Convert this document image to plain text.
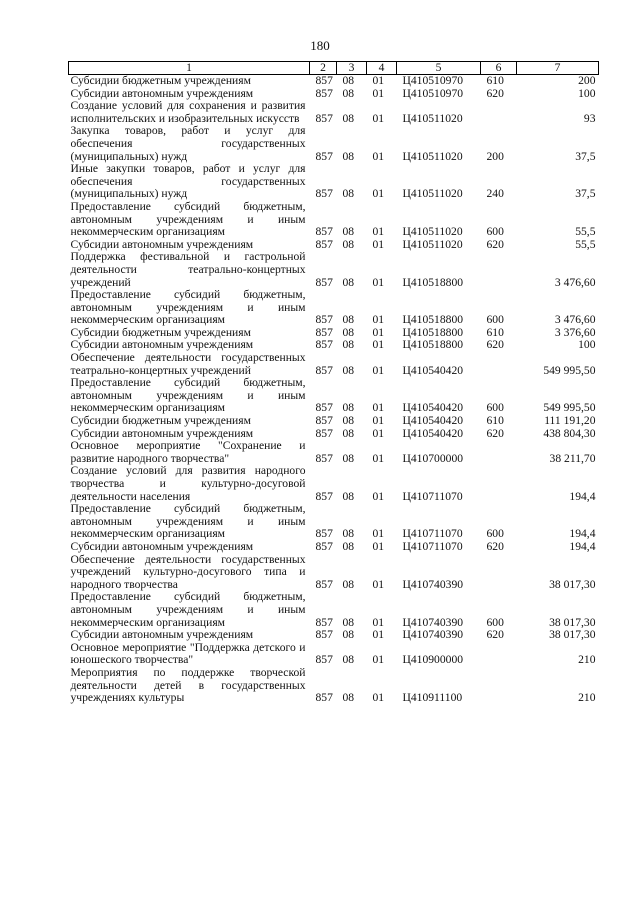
180
1	2	3	4	5	6	7
Субсидии бюджетным учреждениям	857	08	01	Ц410510970	610	200
Субсидии автономным учреждениям	857	08	01	Ц410510970	620	100
Создание условий для сохранения и развития исполнительских и изобразительных искусств	857	08	01	Ц410511020		93
Закупка товаров, работ и услуг для обеспечения государственных (муниципальных) нужд	857	08	01	Ц410511020	200	37,5
Иные закупки товаров, работ и услуг для обеспечения государственных (муниципальных) нужд	857	08	01	Ц410511020	240	37,5
Предоставление субсидий бюджетным, автономным учреждениям и иным некоммерческим организациям	857	08	01	Ц410511020	600	55,5
Субсидии автономным учреждениям	857	08	01	Ц410511020	620	55,5
Поддержка фестивальной и гастрольной деятельности театрально-концертных учреждений	857	08	01	Ц410518800		3 476,60
Предоставление субсидий бюджетным, автономным учреждениям и иным некоммерческим организациям	857	08	01	Ц410518800	600	3 476,60
Субсидии бюджетным учреждениям	857	08	01	Ц410518800	610	3 376,60
Субсидии автономным учреждениям	857	08	01	Ц410518800	620	100
Обеспечение деятельности государственных театрально-концертных учреждений	857	08	01	Ц410540420		549 995,50
Предоставление субсидий бюджетным, автономным учреждениям и иным некоммерческим организациям	857	08	01	Ц410540420	600	549 995,50
Субсидии бюджетным учреждениям	857	08	01	Ц410540420	610	111 191,20
Субсидии автономным учреждениям	857	08	01	Ц410540420	620	438 804,30
Основное мероприятие "Сохранение и развитие народного творчества"	857	08	01	Ц410700000		38 211,70
Создание условий для развития народного творчества и культурно-досуговой деятельности населения	857	08	01	Ц410711070		194,4
Предоставление субсидий бюджетным, автономным учреждениям и иным некоммерческим организациям	857	08	01	Ц410711070	600	194,4
Субсидии автономным учреждениям	857	08	01	Ц410711070	620	194,4
Обеспечение деятельности государственных учреждений культурно-досугового типа и народного творчества	857	08	01	Ц410740390		38 017,30
Предоставление субсидий бюджетным, автономным учреждениям и иным некоммерческим организациям	857	08	01	Ц410740390	600	38 017,30
Субсидии автономным учреждениям	857	08	01	Ц410740390	620	38 017,30
Основное мероприятие "Поддержка детского и юношеского творчества"	857	08	01	Ц410900000		210
Мероприятия по поддержке творческой деятельности детей в государственных учреждениях культуры	857	08	01	Ц410911100		210
